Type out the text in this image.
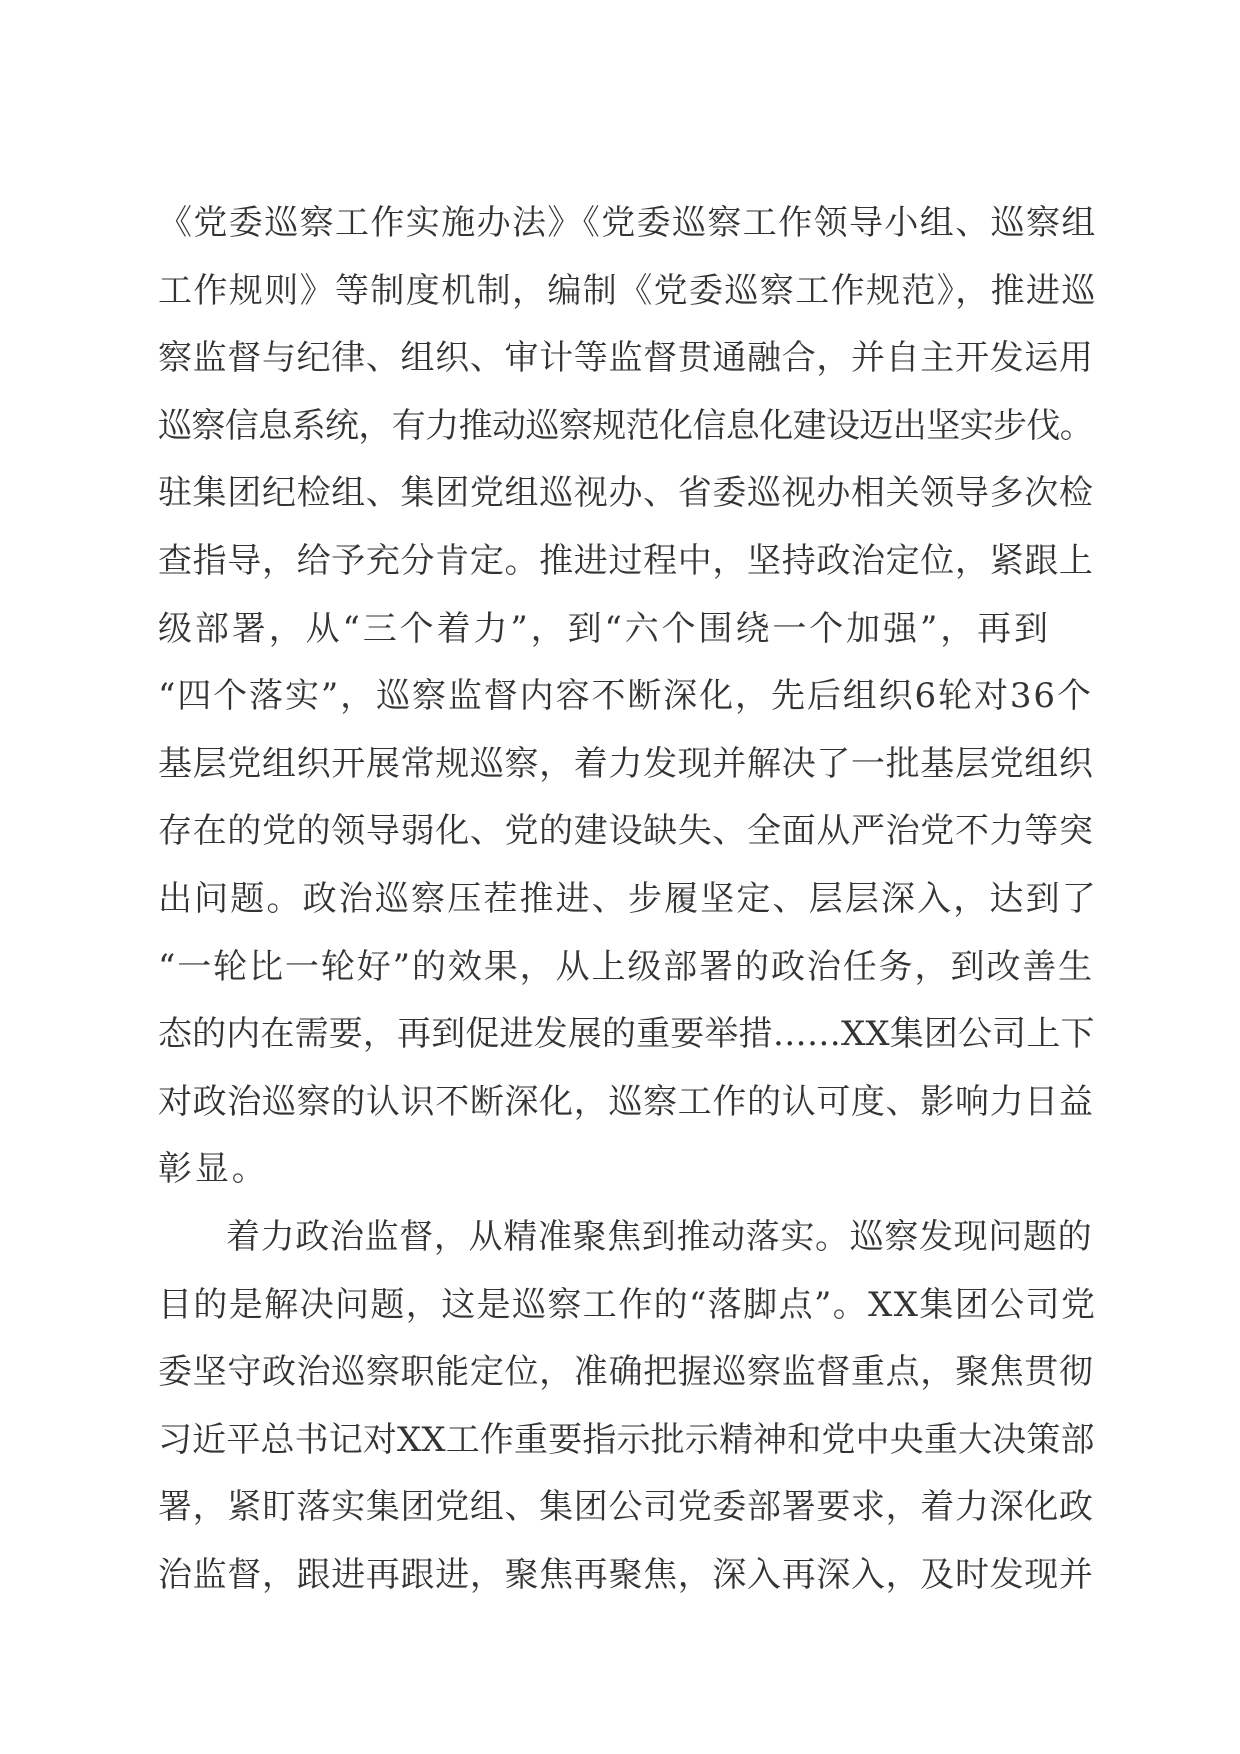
《党委巡察工作实施办法》《党委巡察工作领导小组、巡察组
工作规则》等制度机制，编制《党委巡察工作规范》，推进巡
察监督与纪律、组织、审计等监督贯通融合，并自主开发运用
巡察信息系统，有力推动巡察规范化信息化建设迈出坚实步伐。
驻集团纪检组、集团党组巡视办、省委巡视办相关领导多次检
查指导，给予充分肯定。推进过程中，坚持政治定位，紧跟上
级部署，从“三个着力”，到“六个围绕一个加强”，再到
“四个落实”，巡察监督内容不断深化，先后组织6轮对36个
基层党组织开展常规巡察，着力发现并解决了一批基层党组织
存在的党的领导弱化、党的建设缺失、全面从严治党不力等突
出问题。政治巡察压茬推进、步履坚定、层层深入，达到了
“一轮比一轮好”的效果，从上级部署的政治任务，到改善生
态的内在需要，再到促进发展的重要举措……XX集团公司上下
对政治巡察的认识不断深化，巡察工作的认可度、影响力日益
彰显。
着力政治监督，从精准聚焦到推动落实。巡察发现问题的
目的是解决问题，这是巡察工作的“落脚点”。XX集团公司党
委坚守政治巡察职能定位，准确把握巡察监督重点，聚焦贯彻
习近平总书记对XX工作重要指示批示精神和党中央重大决策部
署，紧盯落实集团党组、集团公司党委部署要求，着力深化政
治监督，跟进再跟进，聚焦再聚焦，深入再深入，及时发现并
